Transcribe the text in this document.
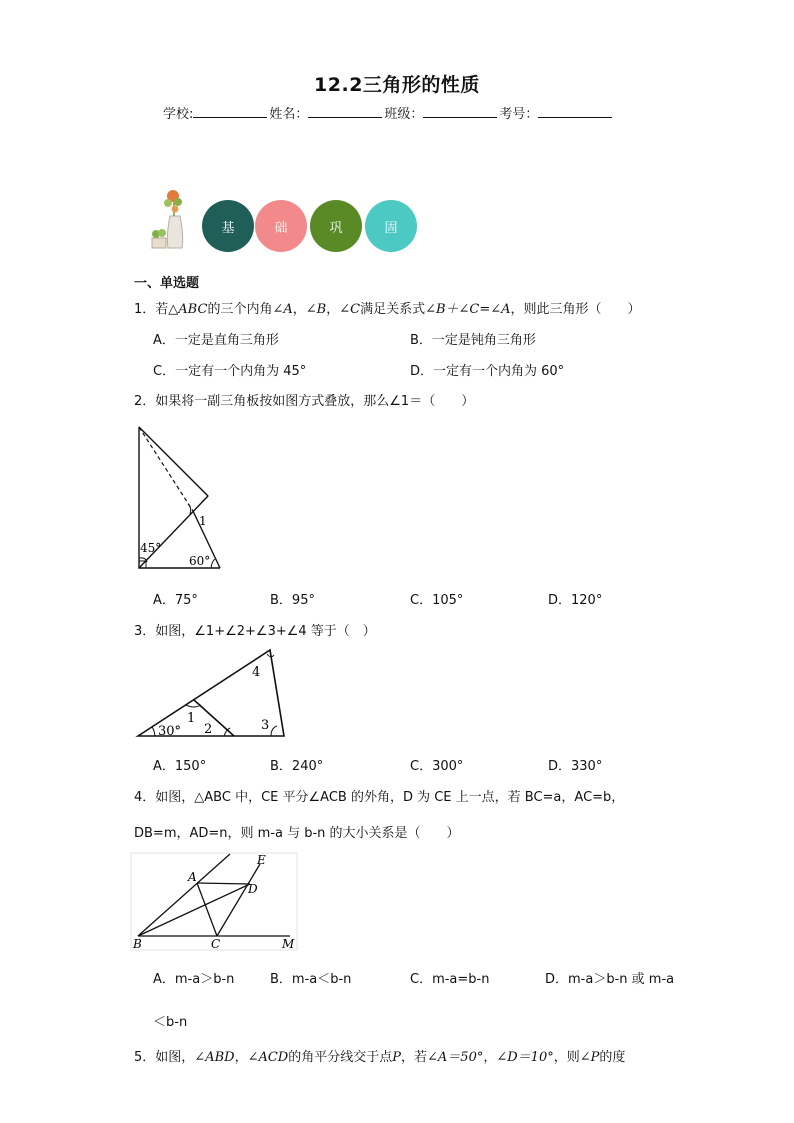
12.2三角形的性质
学校:	姓名：	班级：	考号：
基	础	巩	固
一、单选题
1．若△ABC的三个内角∠A，∠B，∠C满足关系式∠B＋∠C=∠A，则此三角形（　　）
A．一定是直角三角形	B．一定是钝角三角形
C．一定有一个内角为 45°	D．一定有一个内角为 60°
2．如果将一副三角板按如图方式叠放，那么∠1＝（　　）
45°
60°
1
A．75°	B．95°	C．105°	D．120°
3．如图，∠1+∠2+∠3+∠4 等于（　）
30°
1
2	3
4
A．150°	B．240°	C．300°	D．330°
4．如图，△ABC 中，CE 平分∠ACB 的外角，D 为 CE 上一点，若 BC=a，AC=b，
DB=m，AD=n，则 m-a 与 b-n 的大小关系是（　　）
A
B	C
D
E
M
A．m-a＞b-n	B．m-a＜b-n	C．m-a=b-n	D．m-a＞b-n 或 m-a
＜b-n
5．如图，∠ABD，∠ACD的角平分线交于点P，若∠A＝50°，∠D＝10°，则∠P的度
